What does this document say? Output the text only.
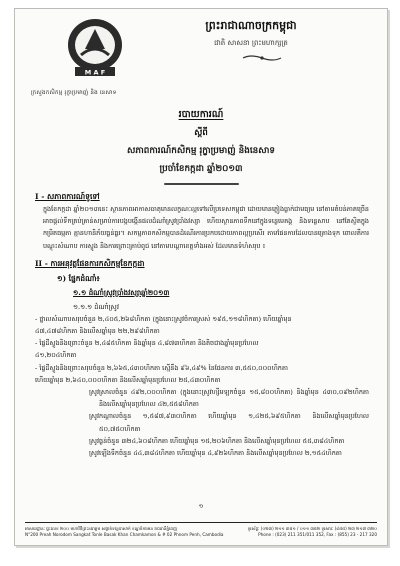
M A F
ក្រសួងកសិកម្ម រុក្ខាប្រមាញ់ និង នេសាទ
ព្រះរាជាណាចក្រកម្ពុជា
ជាតិ សាសនា ព្រះមហាក្សត្រ
របាយការណ៍
ស្តីពី
សភាពការណ៍កសិកម្ម រុក្ខាប្រមាញ់ និងនេសាទ
ប្រចាំខែកក្កដា ឆ្នាំ២០១៣
I - សភាពការណ៍ទូទៅ

ក្នុងខែកក្កដា ឆ្នាំ២០១៣នេះ ស្ថានភាពអាកាសធាតុមានលក្ខណៈល្អទៅលើប្រទេសកម្ពុជា ដោយមានភ្លៀងធ្លាក់ជាមធ្យម នៅតាមតំបន់ភាគច្រើន អាចផ្តល់ទឹកគ្រប់គ្រាន់សម្រាប់ការបង្កបង្កើនផលដំណាំស្រូវប្រាំងវស្សា ហើយស្ថានភាពទឹកនៅក្នុងទន្លេមេគង្គ និងទន្លេសាប នៅតែស្ថិតក្នុងកម្រិតធម្មតា គ្មានហានិភ័យធ្ងន់ធ្ងរ។ សកម្មភាពកសិកម្មបានដំណើរការប្រកបដោយភាពល្អប្រសើរ តាមផែនការដែលបានគ្រោងទុក ពោលគឺការបណ្តុះសំណាប ការស្ទូង និងការព្រោះគ្រាប់ពូជ នៅតាមបណ្តាខេត្តទាំងអស់ ដែលមានទំហំសរុប ៖

II - ការអនុវត្តផែនការកសិកម្មខែកក្កដា
១) ផ្នែកដំណាំ៖
១.១ ដំណាំស្រូវប្រាំងវស្សាឆ្នាំ២០១៣
១.១.១ ដំណាំស្រូវ

- ថ្នាលសំណាបសរុបចំនួន ២,៤០៥,២៦៨ហិកតា (ក្នុងនោះស្រូវចំការស្រស់ ១៩៥,១១៨ហិកតា) ហើយឆ្នាំមុន

៤៧,៤៧៨ហិកតា និងលើសឆ្នាំមុន ២២,២៩៨ហិកតា

- ផ្ទៃដីស្ទូងនិងព្រោះចំនួន ២,៤៨៥ហិកតា និងឆ្នាំមុន ៤,៨៧៣ហិកតា និងតិចជាងឆ្នាំមុនប្រហែល

៤១,២០៤ហិកតា

- ផ្ទៃដីស្ទូងនិងព្រោះសរុបចំនួន ២,៦៦៥,៤៣០ហិកតា ស្មើនឹង ៩៦,៤៩% នៃផែនការ ៣,៥៥០,០០០ហិកតា

ហើយឆ្នាំមុន ២,៦៤០,០០០ហិកតា និងលើសឆ្នាំមុនប្រហែល ២៥,៤៣០ហិកតា

ស្រូវស្រាលចំនួន ៤៩២,០០០ហិកតា (ក្នុងនោះស្រូវហ្សីមឡកចំនួន ១៥,៨០០ហិកតា) និងឆ្នាំមុន ៤៣០,០៩២ហិកតា និងលើសឆ្នាំមុនប្រហែល ៤២,៥៥៨ហិកតា

ស្រូវកណ្តាលចំនួន ១,៥៨៧,៩៣០ហិកតា ហើយឆ្នាំមុន ១,៤២៥,៦៩៥ហិកតា និងលើសឆ្នាំមុនប្រហែល ៥០,៧៥០ហិកតា

ស្រូវធ្ងន់ចំនួន ៣២៤,៦០៨ហិកតា ហើយឆ្នាំមុន ១៥,២០៦ហិកតា និងលើសឆ្នាំមុនប្រហែល ៥៥,៣៨៤ហិកតា

ស្រូវឡើងទឹកចំនួន ៤៤,៣៨៤ហិកតា ហើយឆ្នាំមុន ៤,៩២៦ហិកតា និងលើសឆ្នាំមុនប្រហែល ២,១៥៤ហិកតា

១
ទូរស័ព្ទៈ (០២៣) ២១១ ៣៥១ / ០១១ ៣៥២ ទូរសារៈ (៨៥៥) ២៣ ២១៧ ៣២០
អាសយដ្ឋានៈ ផ្ទះលេខ ២០០ មហាវិថីព្រះនរោត្តម សង្កាត់ទន្លេបាសាក់ ខណ្ឌចំការមន រាជធានីភ្នំពេញ
Phone : (023) 211 351/011 352, Fax : (855) 23 - 217 320
N°200 Preah Norodom Sangkat Tonle Basak Khan Chamkamon & # 02 Phnom Penh, Cambodia
